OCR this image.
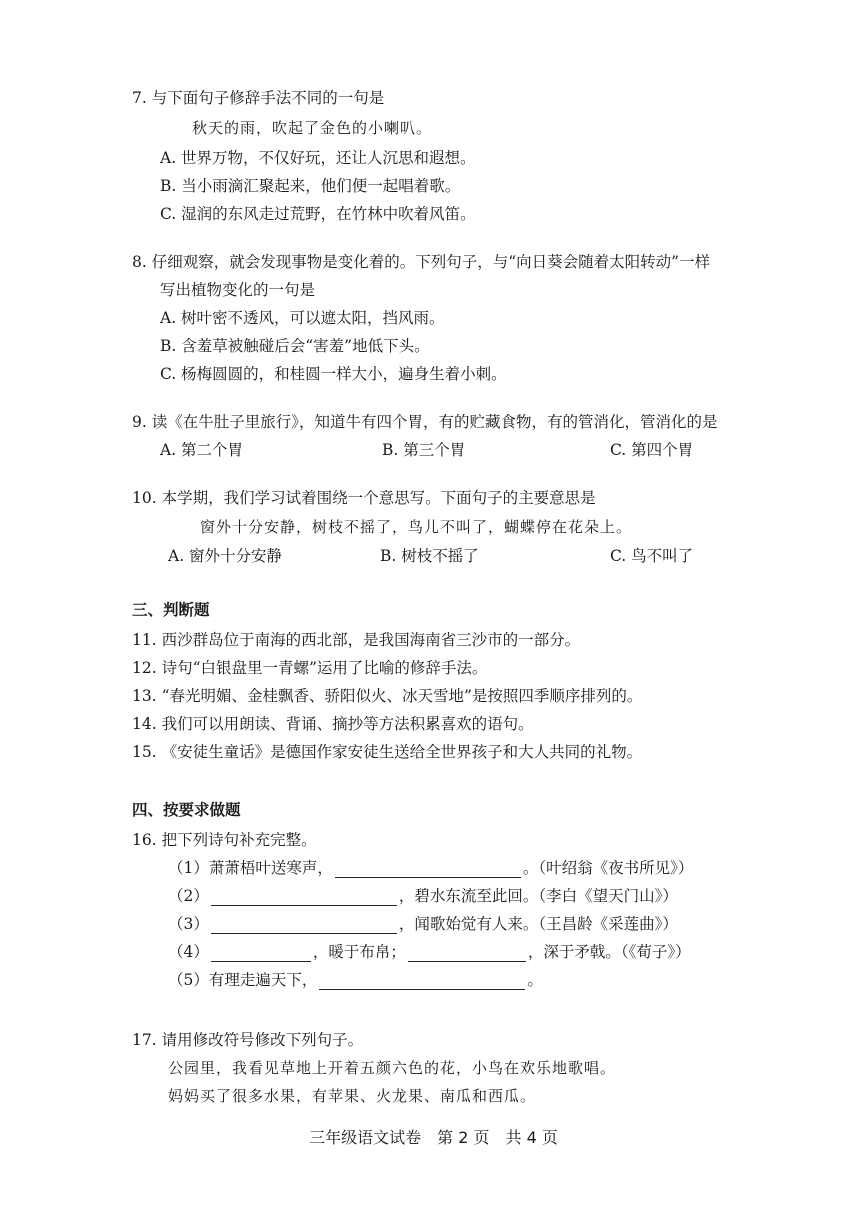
7. 与下面句子修辞手法不同的一句是
秋天的雨，吹起了金色的小喇叭。
A. 世界万物，不仅好玩，还让人沉思和遐想。
B. 当小雨滴汇聚起来，他们便一起唱着歌。
C. 湿润的东风走过荒野，在竹林中吹着风笛。
8. 仔细观察，就会发现事物是变化着的。下列句子，与“向日葵会随着太阳转动”一样
写出植物变化的一句是
A. 树叶密不透风，可以遮太阳，挡风雨。
B. 含羞草被触碰后会“害羞”地低下头。
C. 杨梅圆圆的，和桂圆一样大小，遍身生着小刺。
9. 读《在牛肚子里旅行》，知道牛有四个胃，有的贮藏食物，有的管消化，管消化的是
A. 第二个胃	B. 第三个胃	C. 第四个胃
10. 本学期，我们学习试着围绕一个意思写。下面句子的主要意思是
窗外十分安静，树枝不摇了，鸟儿不叫了，蝴蝶停在花朵上。
A. 窗外十分安静	B. 树枝不摇了	C. 鸟不叫了
三、判断题
11. 西沙群岛位于南海的西北部，是我国海南省三沙市的一部分。
12. 诗句“白银盘里一青螺”运用了比喻的修辞手法。
13. “春光明媚、金桂飘香、骄阳似火、冰天雪地”是按照四季顺序排列的。
14. 我们可以用朗读、背诵、摘抄等方法积累喜欢的语句。
15. 《安徒生童话》是德国作家安徒生送给全世界孩子和大人共同的礼物。
四、按要求做题
16. 把下列诗句补充完整。
（1） 萧萧梧叶送寒声，	。（叶绍翁《夜书所见》）
（2）	，碧水东流至此回。（李白《望天门山》）
（3）	，闻歌始觉有人来。（王昌龄《采莲曲》）
（4）	，暖于布帛；	，深于矛戟。（《荀子》）
（5） 有理走遍天下，	。
17. 请用修改符号修改下列句子。
公园里，我看见草地上开着五颜六色的花，小鸟在欢乐地歌唱。
妈妈买了很多水果，有苹果、火龙果、南瓜和西瓜。
三年级语文试卷　第 2 页　共 4 页
